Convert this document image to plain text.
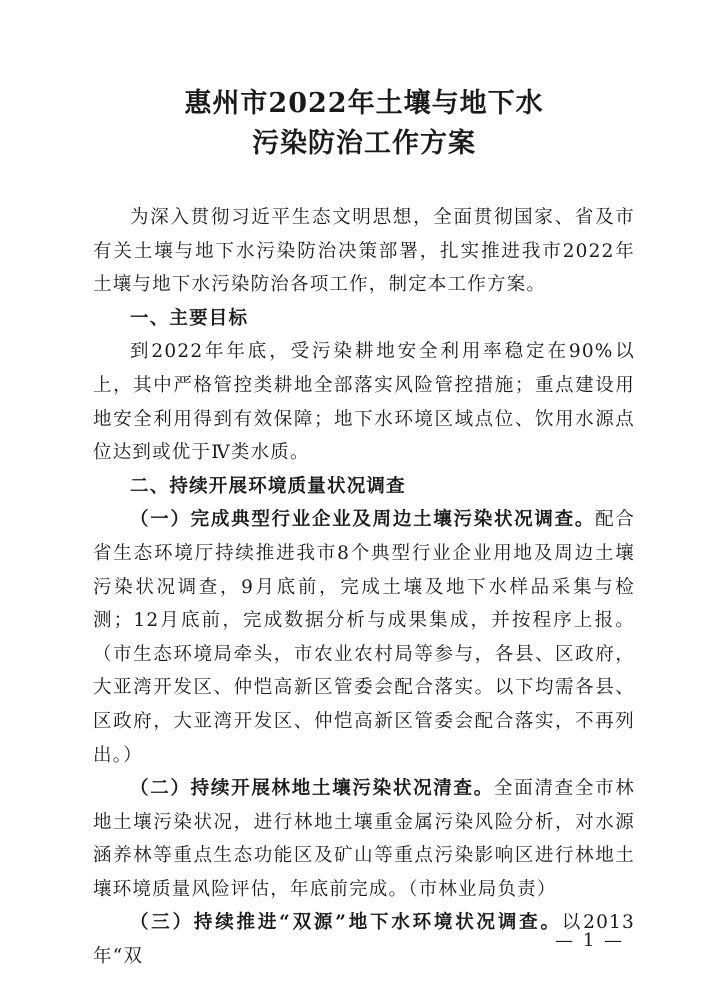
惠州市2022年土壤与地下水
污染防治工作方案

为深入贯彻习近平生态文明思想，全面贯彻国家、省及市有关土壤与地下水污染防治决策部署，扎实推进我市2022年土壤与地下水污染防治各项工作，制定本工作方案。

一、主要目标

到2022年年底，受污染耕地安全利用率稳定在90%以上，其中严格管控类耕地全部落实风险管控措施；重点建设用地安全利用得到有效保障；地下水环境区域点位、饮用水源点位达到或优于Ⅳ类水质。

二、持续开展环境质量状况调查

（一）完成典型行业企业及周边土壤污染状况调查。配合省生态环境厅持续推进我市8个典型行业企业用地及周边土壤污染状况调查，9月底前，完成土壤及地下水样品采集与检测；12月底前，完成数据分析与成果集成，并按程序上报。（市生态环境局牵头，市农业农村局等参与，各县、区政府，大亚湾开发区、仲恺高新区管委会配合落实。以下均需各县、区政府，大亚湾开发区、仲恺高新区管委会配合落实，不再列出。）

（二）持续开展林地土壤污染状况清查。全面清查全市林地土壤污染状况，进行林地土壤重金属污染风险分析，对水源涵养林等重点生态功能区及矿山等重点污染影响区进行林地土壤环境质量风险评估，年底前完成。（市林业局负责）

（三）持续推进“双源”地下水环境状况调查。以2013年“双

— 1 —
